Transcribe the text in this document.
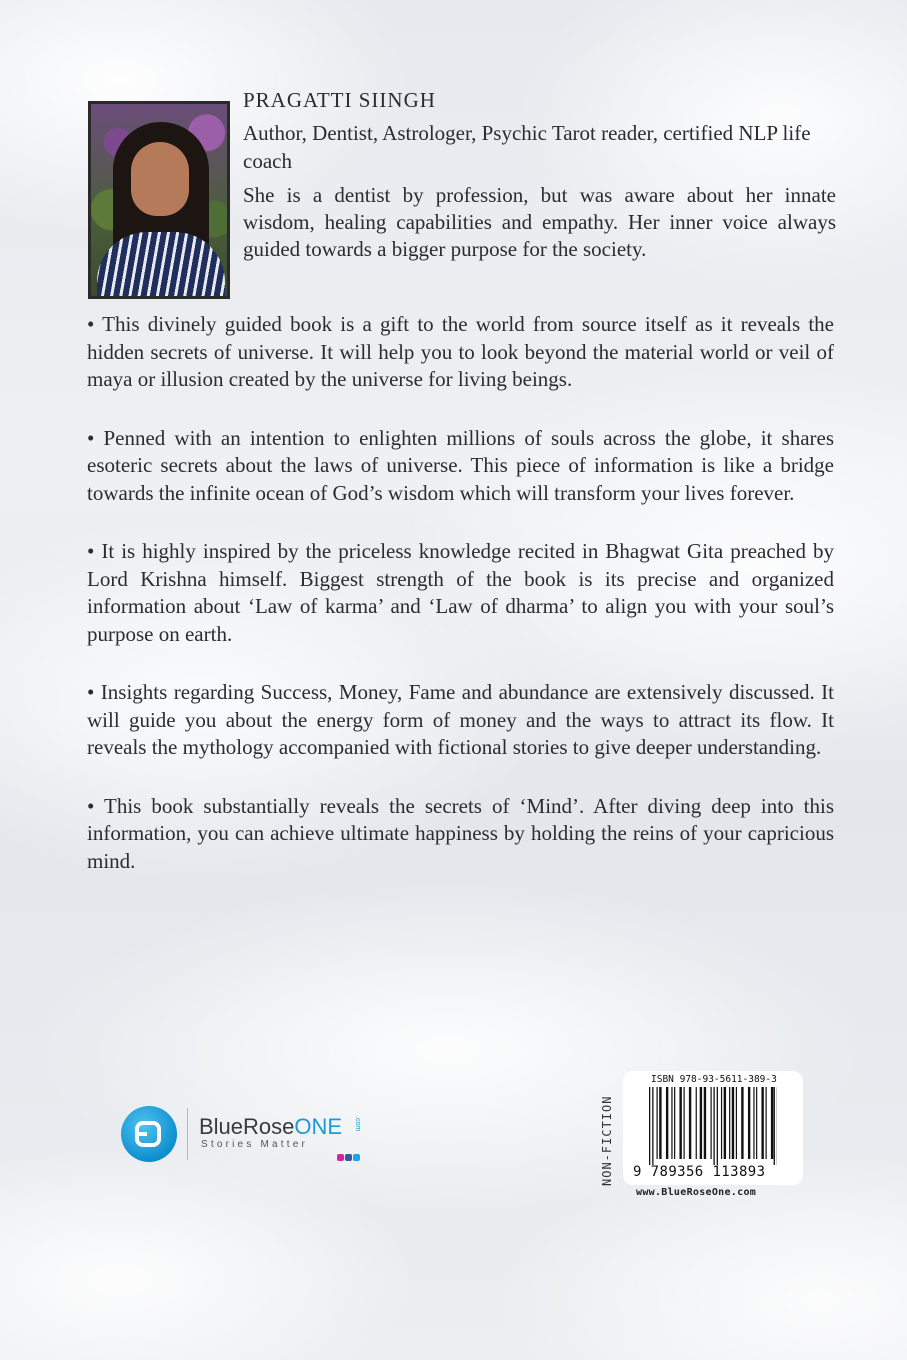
PRAGATTI SIINGH

Author, Dentist, Astrologer, Psychic Tarot reader, certified NLP life coach

She is a dentist by profession, but was aware about her innate wisdom, healing capabilities and empathy. Her inner voice always guided towards a bigger purpose for the society.

• This divinely guided book is a gift to the world from source itself as it reveals the hidden secrets of universe. It will help you to look beyond the material world or veil of maya or illusion created by the universe for living beings.

• Penned with an intention to enlighten millions of souls across the globe, it shares esoteric secrets about the laws of universe. This piece of information is like a bridge towards the infinite ocean of God’s wisdom which will transform your lives forever.

• It is highly inspired by the priceless knowledge recited in Bhagwat Gita preached by Lord Krishna himself. Biggest strength of the book is its precise and organized information about ‘Law of karma’ and ‘Law of dharma’ to align you with your soul’s purpose on earth.

• Insights regarding Success, Money, Fame and abundance are extensively discussed. It will guide you about the energy form of money and the ways to attract its flow. It reveals the mythology accompanied with fictional stories to give deeper understanding.

• This book substantially reveals the secrets of ‘Mind’. After diving deep into this information, you can achieve ultimate happiness by holding the reins of your capricious mind.

BlueRoseONE .com
Stories Matter	NON-FICTION
ISBN 978-93-5611-389-3
9 789356 113893
www.BlueRoseOne.com
